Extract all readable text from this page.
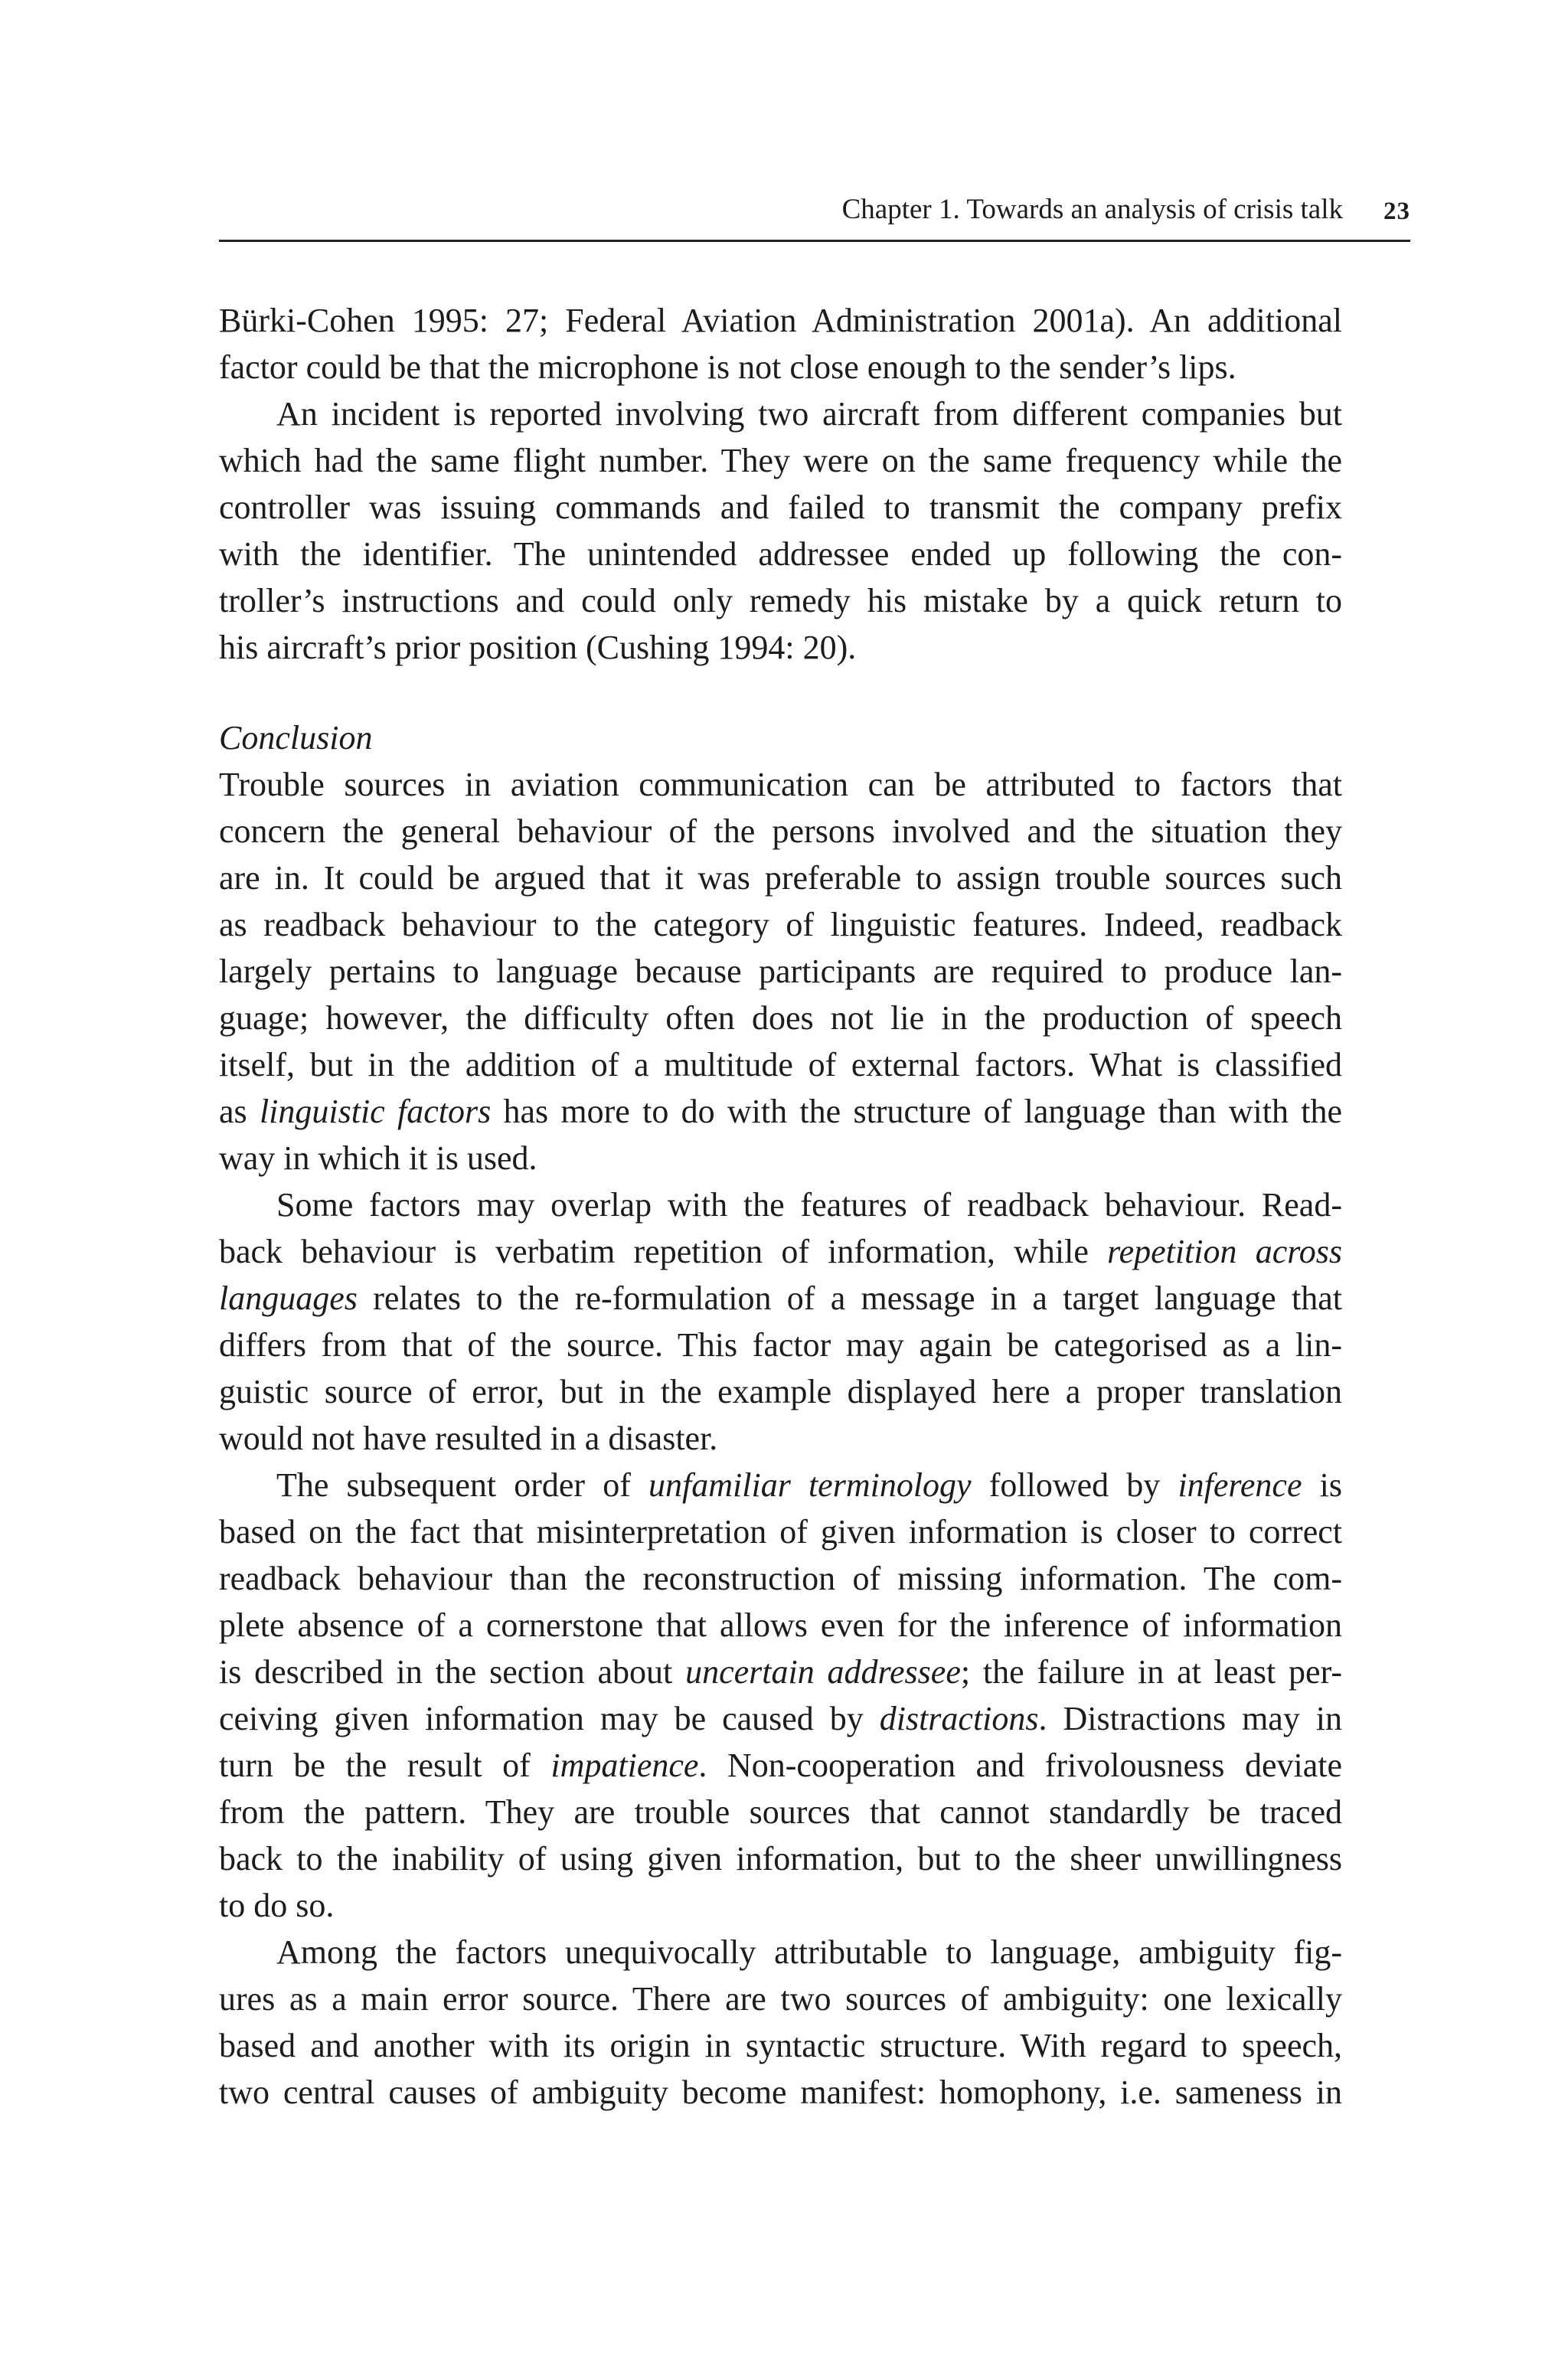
Chapter 1. Towards an analysis of crisis talk 23
Bürki-Cohen 1995: 27; Federal Aviation Administration 2001a). An additional
factor could be that the microphone is not close enough to the sender’s lips.
An incident is reported involving two aircraft from different companies but
which had the same flight number. They were on the same frequency while the
controller was issuing commands and failed to transmit the company prefix
with the identifier. The unintended addressee ended up following the con-
troller’s instructions and could only remedy his mistake by a quick return to
his aircraft’s prior position (Cushing 1994: 20).
Conclusion
Trouble sources in aviation communication can be attributed to factors that
concern the general behaviour of the persons involved and the situation they
are in. It could be argued that it was preferable to assign trouble sources such
as readback behaviour to the category of linguistic features. Indeed, readback
largely pertains to language because participants are required to produce lan-
guage; however, the difficulty often does not lie in the production of speech
itself, but in the addition of a multitude of external factors. What is classified
as linguistic factors has more to do with the structure of language than with the
way in which it is used.
Some factors may overlap with the features of readback behaviour. Read-
back behaviour is verbatim repetition of information, while repetition across
languages relates to the re-formulation of a message in a target language that
differs from that of the source. This factor may again be categorised as a lin-
guistic source of error, but in the example displayed here a proper translation
would not have resulted in a disaster.
The subsequent order of unfamiliar terminology followed by inference is
based on the fact that misinterpretation of given information is closer to correct
readback behaviour than the reconstruction of missing information. The com-
plete absence of a cornerstone that allows even for the inference of information
is described in the section about uncertain addressee; the failure in at least per-
ceiving given information may be caused by distractions. Distractions may in
turn be the result of impatience. Non-cooperation and frivolousness deviate
from the pattern. They are trouble sources that cannot standardly be traced
back to the inability of using given information, but to the sheer unwillingness
to do so.
Among the factors unequivocally attributable to language, ambiguity fig-
ures as a main error source. There are two sources of ambiguity: one lexically
based and another with its origin in syntactic structure. With regard to speech,
two central causes of ambiguity become manifest: homophony, i.e. sameness in
